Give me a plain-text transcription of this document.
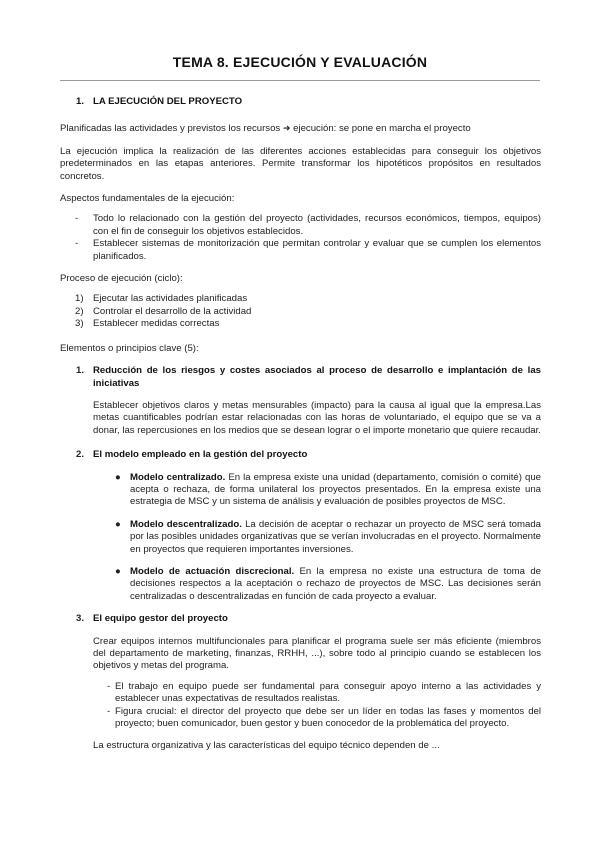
TEMA 8. EJECUCIÓN Y EVALUACIÓN
1. LA EJECUCIÓN DEL PROYECTO

Planificadas las actividades y previstos los recursos ➜ ejecución: se pone en marcha el proyecto

La ejecución implica la realización de las diferentes acciones establecidas para conseguir los objetivos predeterminados en las etapas anteriores. Permite transformar los hipotéticos propósitos en resultados concretos.

Aspectos fundamentales de la ejecución:

-	Todo lo relacionado con la gestión del proyecto (actividades, recursos económicos, tiempos, equipos) con el fin de conseguir los objetivos establecidos.
-	Establecer sistemas de monitorización que permitan controlar y evaluar que se cumplen los elementos planificados.

Proceso de ejecución (ciclo):

1) Ejecutar las actividades planificadas
2) Controlar el desarrollo de la actividad
3) Establecer medidas correctas

Elementos o principios clave (5):

1. Reducción de los riesgos y costes asociados al proceso de desarrollo e implantación de las iniciativas

Establecer objetivos claros y metas mensurables (impacto) para la causa al igual que la empresa.Las metas cuantificables podrían estar relacionadas con las horas de voluntariado, el equipo que se va a donar, las repercusiones en los medios que se desean lograr o el importe monetario que quiere recaudar.

2. El modelo empleado en la gestión del proyecto
● Modelo centralizado. En la empresa existe una unidad (departamento, comisión o comité) que acepta o rechaza, de forma unilateral los proyectos presentados. En la empresa existe una estrategia de MSC y un sistema de análisis y evaluación de posibles proyectos de MSC.
● Modelo descentralizado. La decisión de aceptar o rechazar un proyecto de MSC será tomada por las posibles unidades organizativas que se verían involucradas en el proyecto. Normalmente en proyectos que requieren importantes inversiones.
● Modelo de actuación discrecional. En la empresa no existe una estructura de toma de decisiones respectos a la aceptación o rechazo de proyectos de MSC. Las decisiones serán centralizadas o descentralizadas en función de cada proyecto a evaluar.
3. El equipo gestor del proyecto

Crear equipos internos multifuncionales para planificar el programa suele ser más eficiente (miembros del departamento de marketing, finanzas, RRHH, ...), sobre todo al principio cuando se establecen los objetivos y metas del programa.

- El trabajo en equipo puede ser fundamental para conseguir apoyo interno a las actividades y establecer unas expectativas de resultados realistas.
- Figura crucial: el director del proyecto que debe ser un líder en todas las fases y momentos del proyecto; buen comunicador, buen gestor y buen conocedor de la problemática del proyecto.

La estructura organizativa y las características del equipo técnico dependen de ...
